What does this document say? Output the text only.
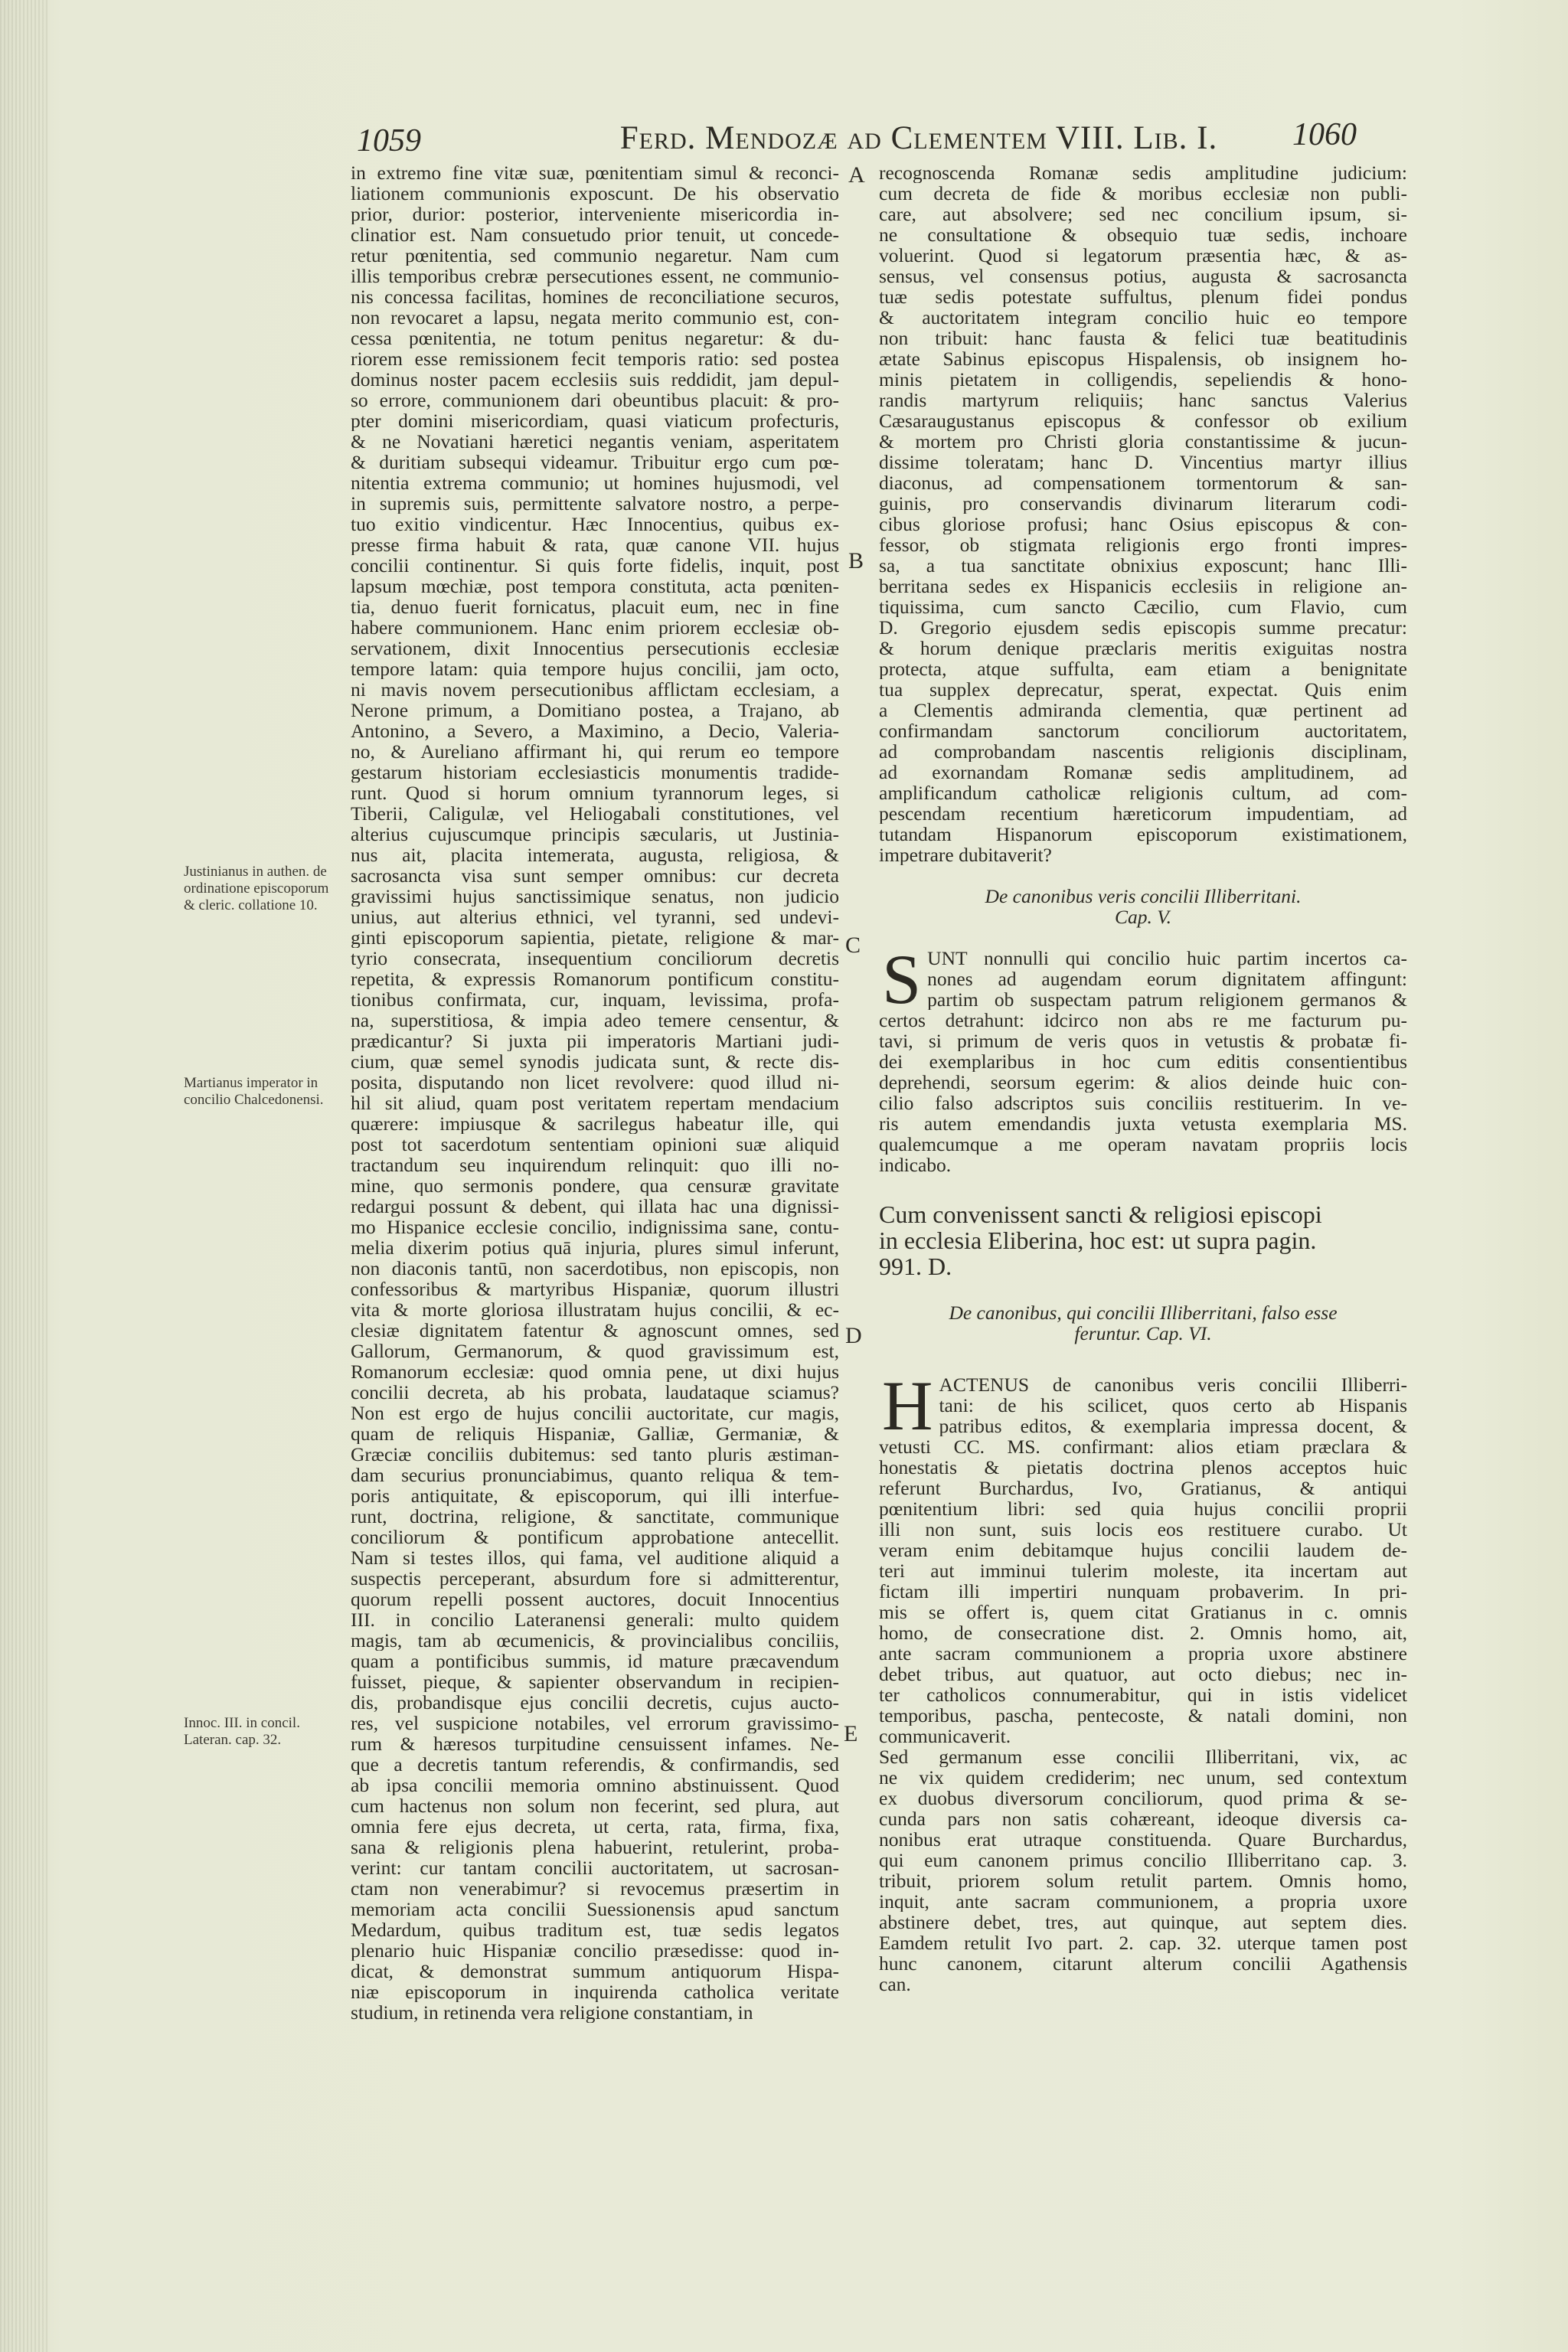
1059	Ferd. Mendozæ ad Clementem VIII. Lib. I.	1060
Justinianus in authen. de ordinatione episcoporum & cleric. collatione 10.
Martianus imperator in concilio Chalcedonensi.
Innoc. III. in concil. Lateran. cap. 32.
A
B
C
D
E
in extremo fine vitæ suæ, pœnitentiam simul & reconci-
liationem communionis exposcunt. De his observatio
prior, durior: posterior, interveniente misericordia in-
clinatior est. Nam consuetudo prior tenuit, ut concede-
retur pœnitentia, sed communio negaretur. Nam cum
illis temporibus crebræ persecutiones essent, ne communio-
nis concessa facilitas, homines de reconciliatione securos,
non revocaret a lapsu, negata merito communio est, con-
cessa pœnitentia, ne totum penitus negaretur: & du-
riorem esse remissionem fecit temporis ratio: sed postea
dominus noster pacem ecclesiis suis reddidit, jam depul-
so errore, communionem dari obeuntibus placuit: & pro-
pter domini misericordiam, quasi viaticum profecturis,
& ne Novatiani hæretici negantis veniam, asperitatem
& duritiam subsequi videamur. Tribuitur ergo cum pœ-
nitentia extrema communio; ut homines hujusmodi, vel
in supremis suis, permittente salvatore nostro, a perpe-
tuo exitio vindicentur. Hæc Innocentius, quibus ex-
presse firma habuit & rata, quæ canone VII. hujus
concilii continentur. Si quis forte fidelis, inquit, post
lapsum mœchiæ, post tempora constituta, acta pœniten-
tia, denuo fuerit fornicatus, placuit eum, nec in fine
habere communionem. Hanc enim priorem ecclesiæ ob-
servationem, dixit Innocentius persecutionis ecclesiæ
tempore latam: quia tempore hujus concilii, jam octo,
ni mavis novem persecutionibus afflictam ecclesiam, a
Nerone primum, a Domitiano postea, a Trajano, ab
Antonino, a Severo, a Maximino, a Decio, Valeria-
no, & Aureliano affirmant hi, qui rerum eo tempore
gestarum historiam ecclesiasticis monumentis tradide-
runt. Quod si horum omnium tyrannorum leges, si
Tiberii, Caligulæ, vel Heliogabali constitutiones, vel
alterius cujuscumque principis sæcularis, ut Justinia-
nus ait, placita intemerata, augusta, religiosa, &
sacrosancta visa sunt semper omnibus: cur decreta
gravissimi hujus sanctissimique senatus, non judicio
unius, aut alterius ethnici, vel tyranni, sed undevi-
ginti episcoporum sapientia, pietate, religione & mar-
tyrio consecrata, insequentium conciliorum decretis
repetita, & expressis Romanorum pontificum constitu-
tionibus confirmata, cur, inquam, levissima, profa-
na, superstitiosa, & impia adeo temere censentur, &
prædicantur? Si juxta pii imperatoris Martiani judi-
cium, quæ semel synodis judicata sunt, & recte dis-
posita, disputando non licet revolvere: quod illud ni-
hil sit aliud, quam post veritatem repertam mendacium
quærere: impiusque & sacrilegus habeatur ille, qui
post tot sacerdotum sententiam opinioni suæ aliquid
tractandum seu inquirendum relinquit: quo illi no-
mine, quo sermonis pondere, qua censuræ gravitate
redargui possunt & debent, qui illata hac una dignissi-
mo Hispanice ecclesie concilio, indignissima sane, contu-
melia dixerim potius quā injuria, plures simul inferunt,
non diaconis tantū, non sacerdotibus, non episcopis, non
confessoribus & martyribus Hispaniæ, quorum illustri
vita & morte gloriosa illustratam hujus concilii, & ec-
clesiæ dignitatem fatentur & agnoscunt omnes, sed
Gallorum, Germanorum, & quod gravissimum est,
Romanorum ecclesiæ: quod omnia pene, ut dixi hujus
concilii decreta, ab his probata, laudataque sciamus?
Non est ergo de hujus concilii auctoritate, cur magis,
quam de reliquis Hispaniæ, Galliæ, Germaniæ, &
Græciæ conciliis dubitemus: sed tanto pluris æstiman-
dam securius pronunciabimus, quanto reliqua & tem-
poris antiquitate, & episcoporum, qui illi interfue-
runt, doctrina, religione, & sanctitate, communique
conciliorum & pontificum approbatione antecellit.
Nam si testes illos, qui fama, vel auditione aliquid a
suspectis perceperant, absurdum fore si admitterentur,
quorum repelli possent auctores, docuit Innocentius
III. in concilio Lateranensi generali: multo quidem
magis, tam ab œcumenicis, & provincialibus conciliis,
quam a pontificibus summis, id mature præcavendum
fuisset, pieque, & sapienter observandum in recipien-
dis, probandisque ejus concilii decretis, cujus aucto-
res, vel suspicione notabiles, vel errorum gravissimo-
rum & hæresos turpitudine censuissent infames. Ne-
que a decretis tantum referendis, & confirmandis, sed
ab ipsa concilii memoria omnino abstinuissent. Quod
cum hactenus non solum non fecerint, sed plura, aut
omnia fere ejus decreta, ut certa, rata, firma, fixa,
sana & religionis plena habuerint, retulerint, proba-
verint: cur tantam concilii auctoritatem, ut sacrosan-
ctam non venerabimur? si revocemus præsertim in
memoriam acta concilii Suessionensis apud sanctum
Medardum, quibus traditum est, tuæ sedis legatos
plenario huic Hispaniæ concilio præsedisse: quod in-
dicat, & demonstrat summum antiquorum Hispa-
niæ episcoporum in inquirenda catholica veritate
studium, in retinenda vera religione constantiam, in
recognoscenda Romanæ sedis amplitudine judicium:
cum decreta de fide & moribus ecclesiæ non publi-
care, aut absolvere; sed nec concilium ipsum, si-
ne consultatione & obsequio tuæ sedis, inchoare
voluerint. Quod si legatorum præsentia hæc, & as-
sensus, vel consensus potius, augusta & sacrosancta
tuæ sedis potestate suffultus, plenum fidei pondus
& auctoritatem integram concilio huic eo tempore
non tribuit: hanc fausta & felici tuæ beatitudinis
ætate Sabinus episcopus Hispalensis, ob insignem ho-
minis pietatem in colligendis, sepeliendis & hono-
randis martyrum reliquiis; hanc sanctus Valerius
Cæsaraugustanus episcopus & confessor ob exilium
& mortem pro Christi gloria constantissime & jucun-
dissime toleratam; hanc D. Vincentius martyr illius
diaconus, ad compensationem tormentorum & san-
guinis, pro conservandis divinarum literarum codi-
cibus gloriose profusi; hanc Osius episcopus & con-
fessor, ob stigmata religionis ergo fronti impres-
sa, a tua sanctitate obnixius exposcunt; hanc Illi-
berritana sedes ex Hispanicis ecclesiis in religione an-
tiquissima, cum sancto Cæcilio, cum Flavio, cum
D. Gregorio ejusdem sedis episcopis summe precatur:
& horum denique præclaris meritis exiguitas nostra
protecta, atque suffulta, eam etiam a benignitate
tua supplex deprecatur, sperat, expectat. Quis enim
a Clementis admiranda clementia, quæ pertinent ad
confirmandam sanctorum conciliorum auctoritatem,
ad comprobandam nascentis religionis disciplinam,
ad exornandam Romanæ sedis amplitudinem, ad
amplificandum catholicæ religionis cultum, ad com-
pescendam recentium hæreticorum impudentiam, ad
tutandam Hispanorum episcoporum existimationem,
impetrare dubitaverit?
De canonibus veris concilii Illiberritani.
Cap. V.
S UNT nonnulli qui concilio huic partim incertos ca-
nones ad augendam eorum dignitatem affingunt:
partim ob suspectam patrum religionem germanos &
certos detrahunt: idcirco non abs re me facturum pu-
tavi, si primum de veris quos in vetustis & probatæ fi-
dei exemplaribus in hoc cum editis consentientibus
deprehendi, seorsum egerim: & alios deinde huic con-
cilio falso adscriptos suis conciliis restituerim. In ve-
ris autem emendandis juxta vetusta exemplaria MS.
qualemcumque a me operam navatam propriis locis
indicabo.
Cum convenissent sancti & religiosi episcopi
in ecclesia Eliberina, hoc est: ut supra pagin.
991. D.
De canonibus, qui concilii Illiberritani, falso esse
feruntur. Cap. VI.
H ACTENUS de canonibus veris concilii Illiberri-
tani: de his scilicet, quos certo ab Hispanis
patribus editos, & exemplaria impressa docent, &
vetusti CC. MS. confirmant: alios etiam præclara &
honestatis & pietatis doctrina plenos acceptos huic
referunt Burchardus, Ivo, Gratianus, & antiqui
pœnitentium libri: sed quia hujus concilii proprii
illi non sunt, suis locis eos restituere curabo. Ut
veram enim debitamque hujus concilii laudem de-
teri aut imminui tulerim moleste, ita incertam aut
fictam illi impertiri nunquam probaverim. In pri-
mis se offert is, quem citat Gratianus in c. omnis
homo, de consecratione dist. 2. Omnis homo, ait,
ante sacram communionem a propria uxore abstinere
debet tribus, aut quatuor, aut octo diebus; nec in-
ter catholicos connumerabitur, qui in istis videlicet
temporibus, pascha, pentecoste, & natali domini, non
communicaverit.
Sed germanum esse concilii Illiberritani, vix, ac
ne vix quidem crediderim; nec unum, sed contextum
ex duobus diversorum conciliorum, quod prima & se-
cunda pars non satis cohæreant, ideoque diversis ca-
nonibus erat utraque constituenda. Quare Burchardus,
qui eum canonem primus concilio Illiberritano cap. 3.
tribuit, priorem solum retulit partem. Omnis homo,
inquit, ante sacram communionem, a propria uxore
abstinere debet, tres, aut quinque, aut septem dies.
Eamdem retulit Ivo part. 2. cap. 32. uterque tamen post
hunc canonem, citarunt alterum concilii Agathensis
can.
